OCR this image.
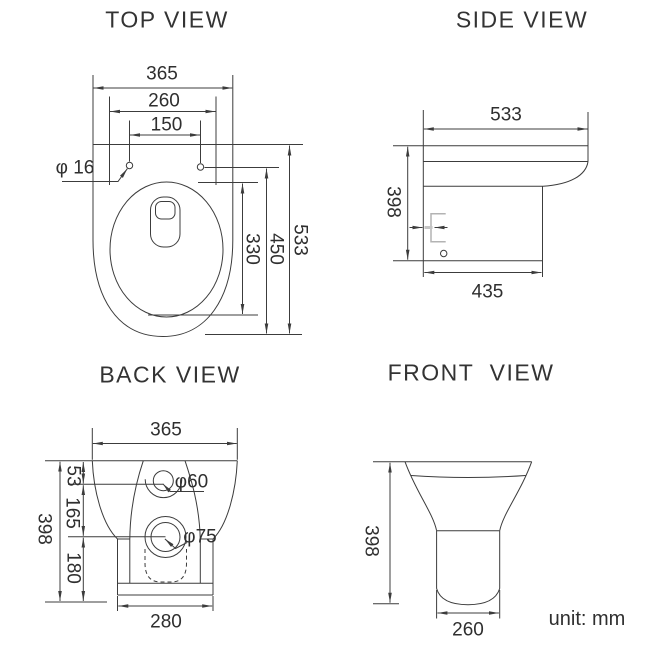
TOP VIEW	SIDE VIEW
BACK VIEW	FRONT  VIEW
365
260
150
φ 16
330 450 533
533
398
435
365
398
53
165
180
φ60
φ75
280
398
260	unit: mm
